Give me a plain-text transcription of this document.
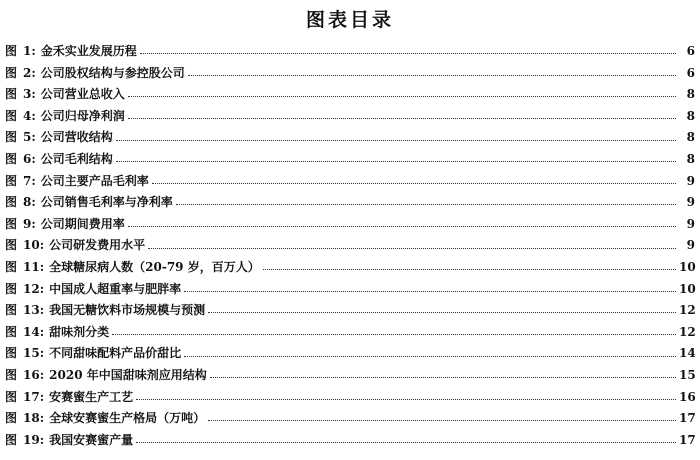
图表目录
图 1: 金禾实业发展历程	6
图 2: 公司股权结构与参控股公司	6
图 3: 公司营业总收入	8
图 4: 公司归母净利润	8
图 5: 公司营收结构	8
图 6: 公司毛利结构	8
图 7: 公司主要产品毛利率	9
图 8: 公司销售毛利率与净利率	9
图 9: 公司期间费用率	9
图 10: 公司研发费用水平	9
图 11: 全球糖尿病人数（20-79 岁，百万人）	10
图 12: 中国成人超重率与肥胖率	10
图 13: 我国无糖饮料市场规模与预测	12
图 14: 甜味剂分类	12
图 15: 不同甜味配料产品价甜比	14
图 16: 2020 年中国甜味剂应用结构	15
图 17: 安赛蜜生产工艺	16
图 18: 全球安赛蜜生产格局（万吨）	17
图 19: 我国安赛蜜产量	17
